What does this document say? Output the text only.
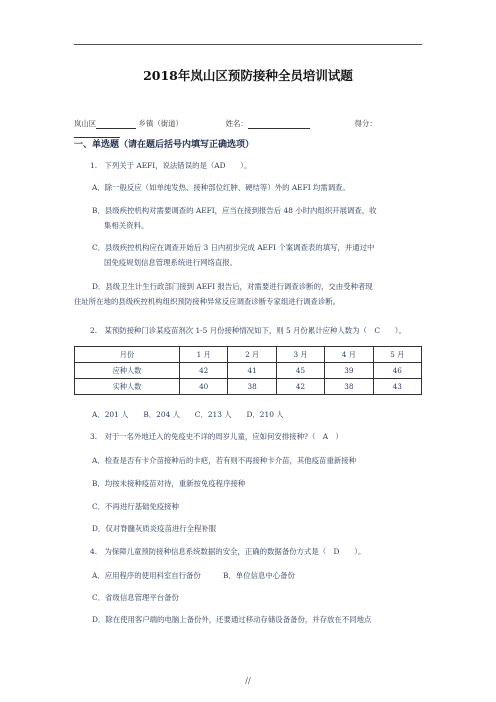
2018年岚山区预防接种全员培训试题
岚山区	乡镇（街道）	姓名：	得分：
一、单选题（请在题后括号内填写正确选项）
1.　下列关于 AEFI，说法错误的是（AD　　）。
A．除一般反应（如单纯发热、接种部位红肿、硬结等）外的 AEFI 均需调查。
B．县级疾控机构对需要调查的 AEFI，应当在接到报告后 48 小时内组织开展调查，收
集相关资料。
C．县级疾控机构应在调查开始后 3 日内初步完成 AEFI 个案调查表的填写，并通过中
国免疫规划信息管理系统进行网络直报。
D．县级卫生计生行政部门接到 AEFI 报告后，对需要进行调查诊断的，交由受种者现
住址所在地的县级疾控机构组织预防接种异常反应调查诊断专家组进行调查诊断。
2.　某预防接种门诊某疫苗剂次 1-5 月份接种情况如下，则 5 月份累计应种人数为（　C　　）。
月份	1 月	2 月	3 月	4 月	5 月
应种人数	42	41	45	39	46
实种人数	40	38	42	38	43
A．201 人　　B．204 人　　C．213 人　　D．210 人
3.　对于一名外地迁入的免疫史不详的周岁儿童，应如何安排接种?（　A　）
A．检查是否有卡介苗接种后的卡疤，若有则不再接种卡介苗，其他疫苗重新接种
B．均按未接种疫苗对待，重新按免疫程序接种
C．不再进行基础免疫接种
D．仅对脊髓灰质炎疫苗进行全程补服
4.　为保障儿童预防接种信息系统数据的安全，正确的数据备份方式是（　D　　）。
A．应用程序的使用科室自行备份　　　B．单位信息中心备份
C．省级信息管理平台备份
D．除在使用客户端的电脑上备份外，还要通过移动存储设备备份，并存放在不同地点
//
